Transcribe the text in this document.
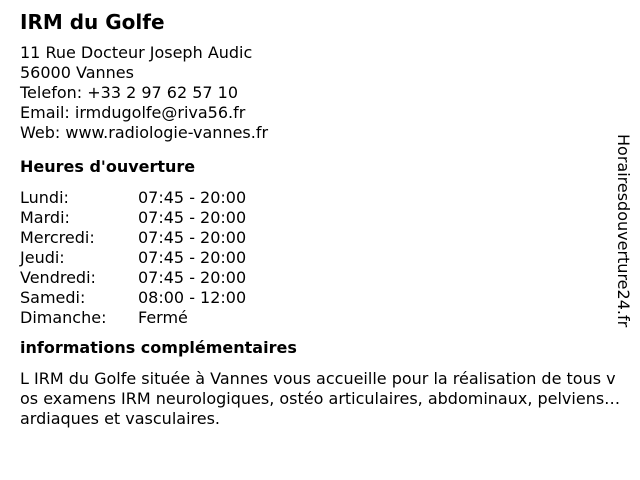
IRM du Golfe
11 Rue Docteur Joseph Audic
56000 Vannes
Telefon: +33 2 97 62 57 10
Email: irmdugolfe@riva56.fr
Web: www.radiologie-vannes.fr
Heures d'ouverture
Lundi:	07:45 - 20:00
Mardi:	07:45 - 20:00
Mercredi:	07:45 - 20:00
Jeudi:	07:45 - 20:00
Vendredi:	07:45 - 20:00
Samedi:	08:00 - 12:00
Dimanche:	Fermé
informations complémentaires
L IRM du Golfe située à Vannes vous accueille pour la réalisation de tous vos examens IRM neurologiques, ostéo articulaires, abdominaux, pelviens, cardiaques et vasculaires.
Horairesdouverture24.fr
